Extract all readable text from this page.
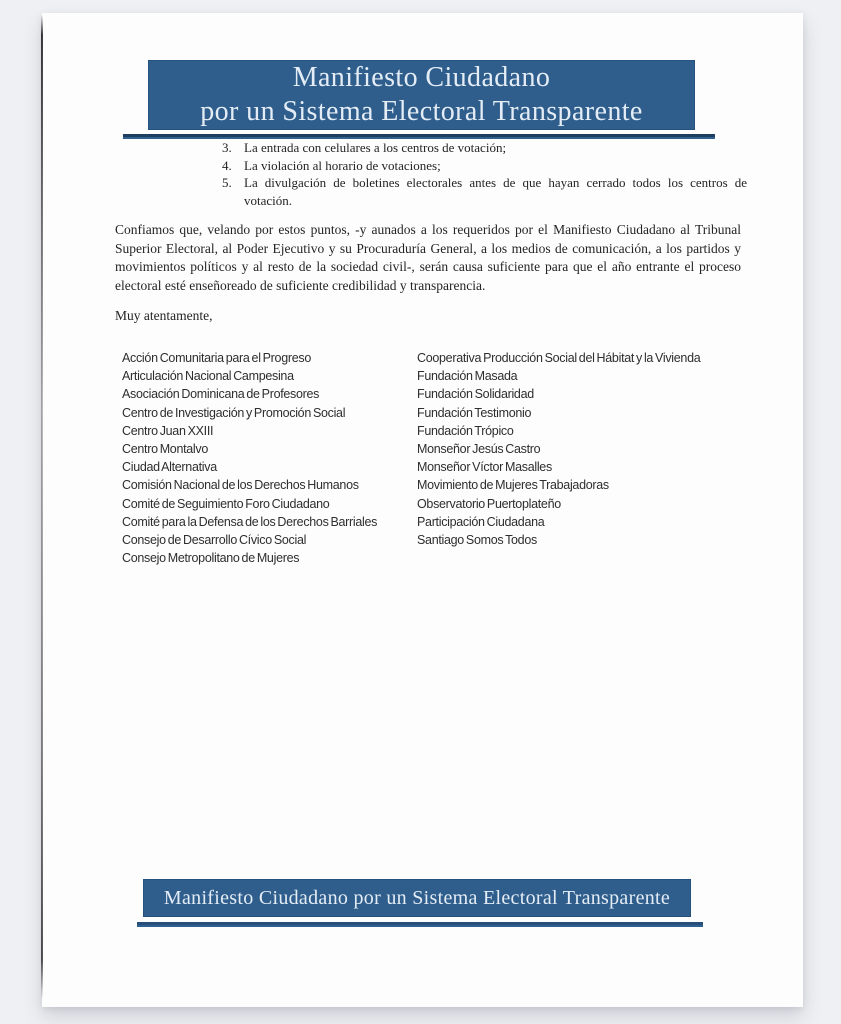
Manifiesto Ciudadano
por un Sistema Electoral Transparente
3. La entrada con celulares a los centros de votación;
4. La violación al horario de votaciones;
5. La divulgación de boletines electorales antes de que hayan cerrado todos los centros de votación.
Confiamos que, velando por estos puntos, -y aunados a los requeridos por el Manifiesto Ciudadano al Tribunal Superior Electoral, al Poder Ejecutivo y su Procuraduría General, a los medios de comunicación, a los partidos y movimientos políticos y al resto de la sociedad civil-, serán causa suficiente para que el año entrante el proceso electoral esté enseñoreado de suficiente credibilidad y transparencia.
Muy atentamente,
Acción Comunitaria para el Progreso
Articulación Nacional Campesina
Asociación Dominicana de Profesores
Centro de Investigación y Promoción Social
Centro Juan XXIII
Centro Montalvo
Ciudad Alternativa
Comisión Nacional de los Derechos Humanos
Comité de Seguimiento Foro Ciudadano
Comité para la Defensa de los Derechos Barriales
Consejo de Desarrollo Cívico Social
Consejo Metropolitano de Mujeres
Cooperativa Producción Social del Hábitat y la Vivienda
Fundación Masada
Fundación Solidaridad
Fundación Testimonio
Fundación Trópico
Monseñor Jesús Castro
Monseñor Víctor Masalles
Movimiento de Mujeres Trabajadoras
Observatorio Puertoplateño
Participación Ciudadana
Santiago Somos Todos
Manifiesto Ciudadano por un Sistema Electoral Transparente
